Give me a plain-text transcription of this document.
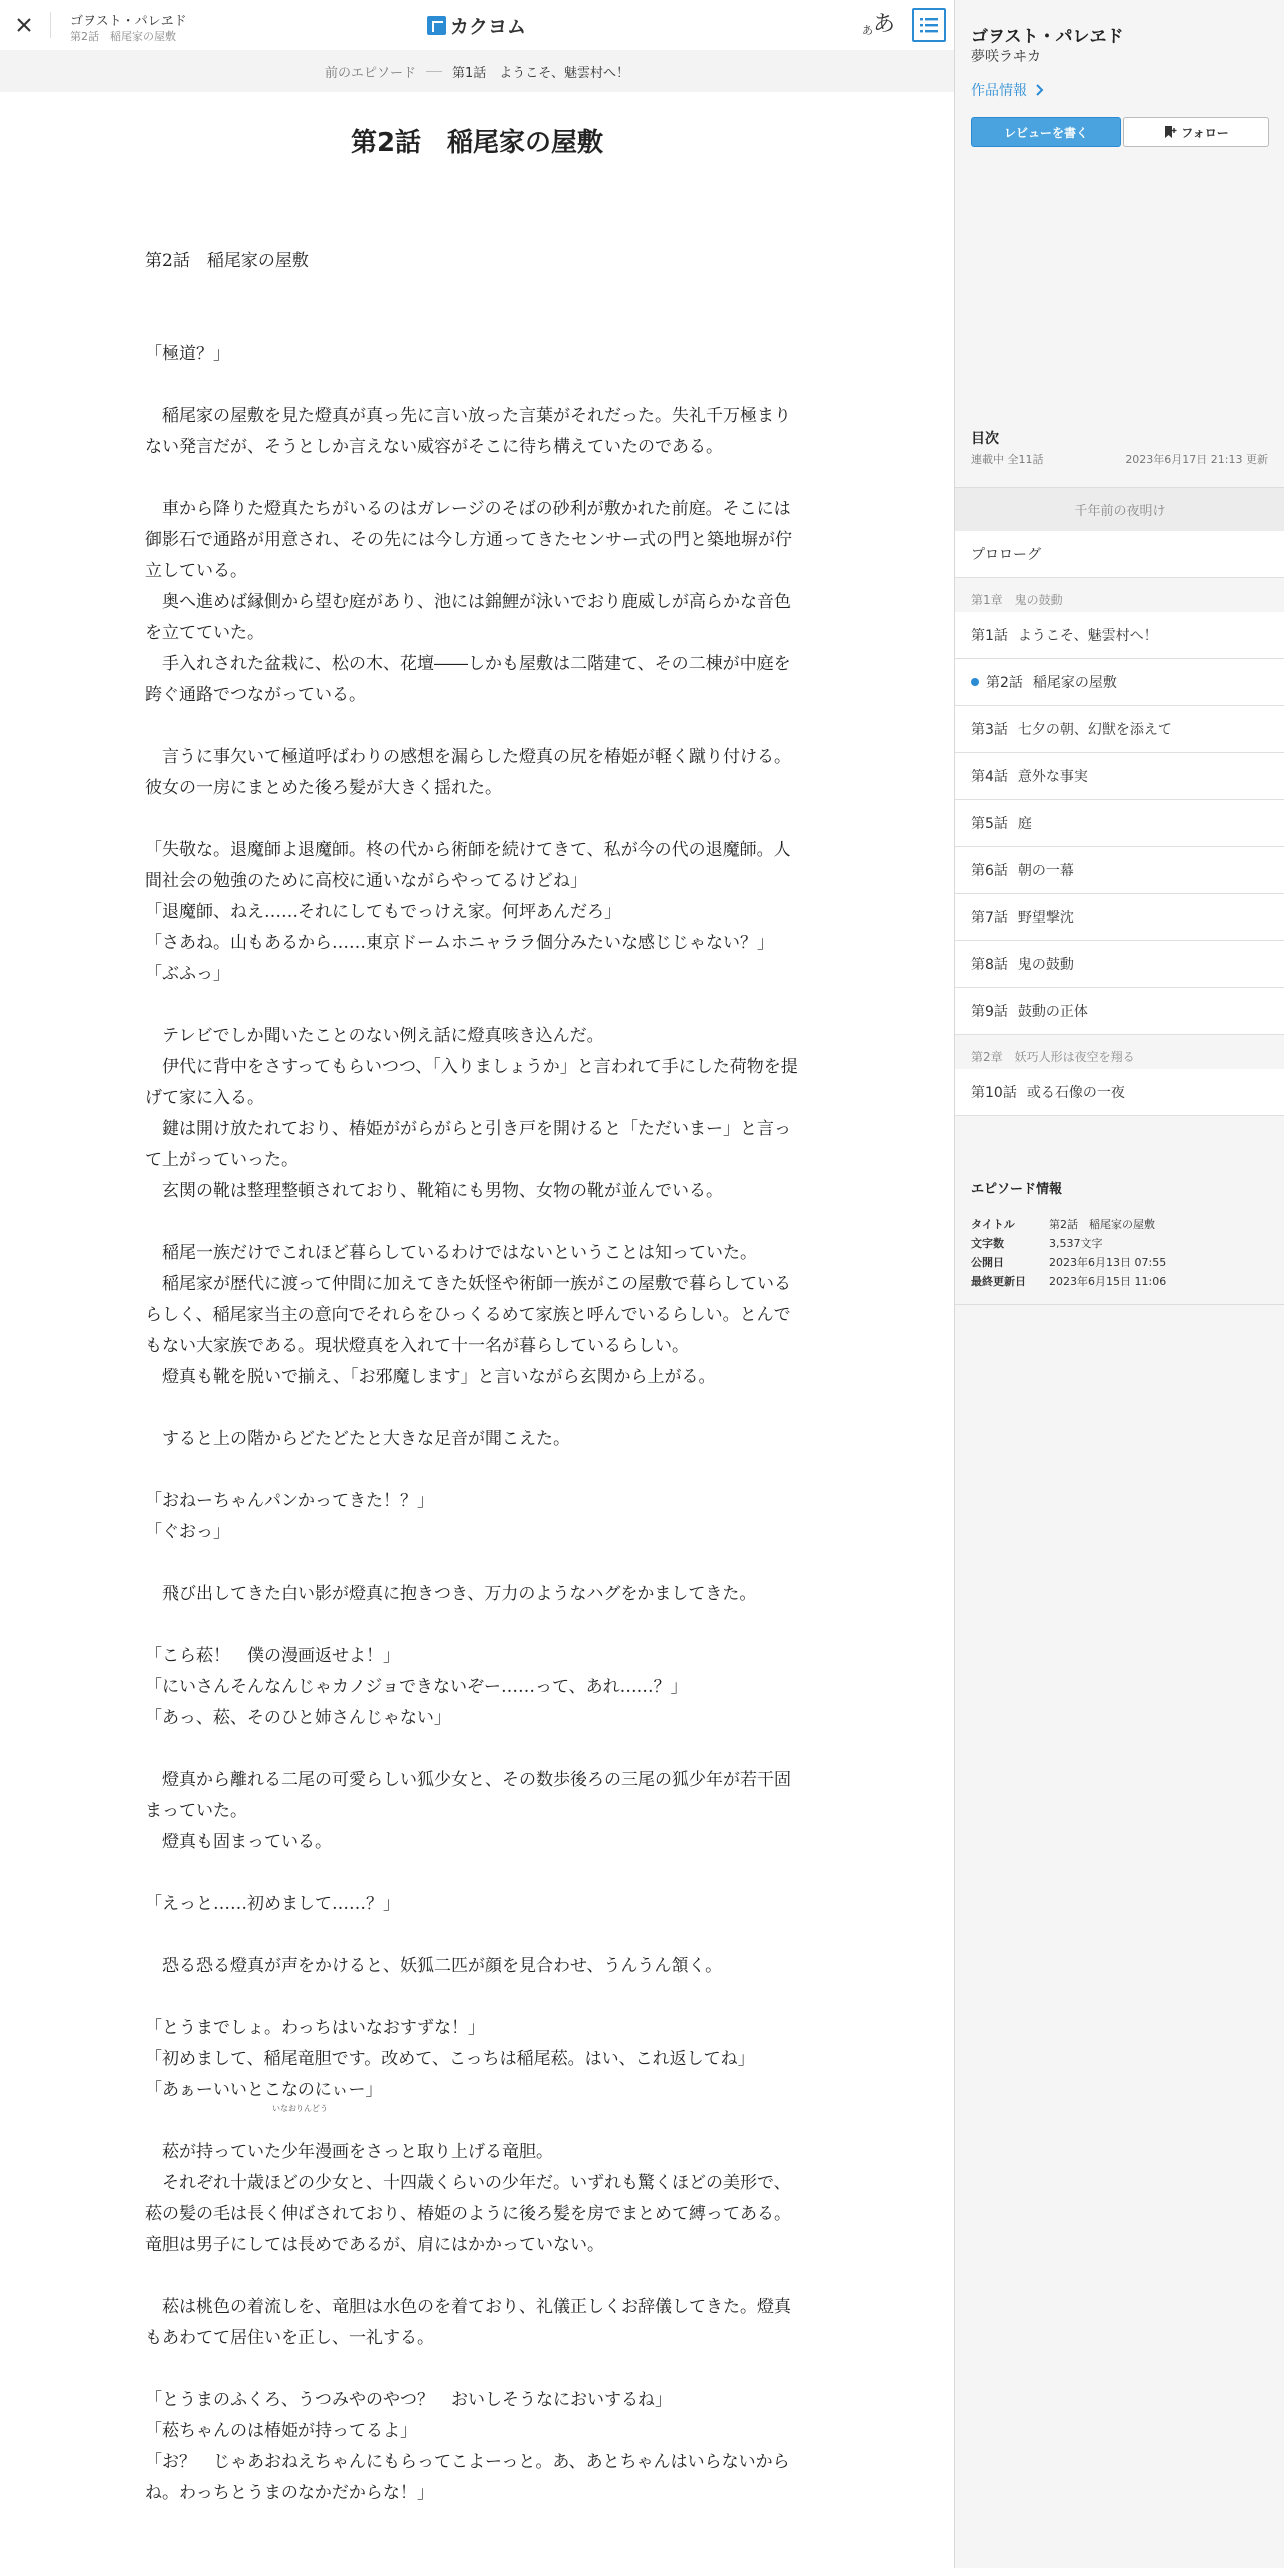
ゴヲスト・パレヱド
第2話　稲尾家の屋敷	カクヨム	あ あ
前のエピソード	第1話　ようこそ、魅雲村へ！
第2話　稲尾家の屋敷
第2話　稲尾家の屋敷

「極道？」

　稲尾家の屋敷を見た燈真が真っ先に言い放った言葉がそれだった。失礼千万極まりない発言だが、そうとしか言えない威容がそこに待ち構えていたのである。

　車から降りた燈真たちがいるのはガレージのそばの砂利が敷かれた前庭。そこには御影石で通路が用意され、その先には今し方通ってきたセンサー式の門と築地塀が佇立している。
　奥へ進めば縁側から望む庭があり、池には錦鯉が泳いでおり鹿威しが高らかな音色を立てていた。
　手入れされた盆栽に、松の木、花壇――しかも屋敷は二階建て、その二棟が中庭を跨ぐ通路でつながっている。

　言うに事欠いて極道呼ばわりの感想を漏らした燈真の尻を椿姫が軽く蹴り付ける。彼女の一房にまとめた後ろ髪が大きく揺れた。

「失敬な。退魔師よ退魔師。柊の代から術師を続けてきて、私が今の代の退魔師。人間社会の勉強のために高校に通いながらやってるけどね」
「退魔師、ねえ……それにしてもでっけえ家。何坪あんだろ」
「さあね。山もあるから……東京ドームホニャララ個分みたいな感じじゃない？」
「ぶふっ」

　テレビでしか聞いたことのない例え話に燈真咳き込んだ。
　伊代に背中をさすってもらいつつ、「入りましょうか」と言われて手にした荷物を提げて家に入る。
　鍵は開け放たれており、椿姫ががらがらと引き戸を開けると「ただいまー」と言って上がっていった。
　玄関の靴は整理整頓されており、靴箱にも男物、女物の靴が並んでいる。

　稲尾一族だけでこれほど暮らしているわけではないということは知っていた。
　稲尾家が歴代に渡って仲間に加えてきた妖怪や術師一族がこの屋敷で暮らしているらしく、稲尾家当主の意向でそれらをひっくるめて家族と呼んでいるらしい。とんでもない大家族である。現状燈真を入れて十一名が暮らしているらしい。
　燈真も靴を脱いで揃え、「お邪魔します」と言いながら玄関から上がる。

　すると上の階からどたどたと大きな足音が聞こえた。

「おねーちゃんパンかってきた！？」
「ぐおっ」

　飛び出してきた白い影が燈真に抱きつき、万力のようなハグをかましてきた。

「こら菘！　僕の漫画返せよ！」
「にいさんそんなんじゃカノジョできないぞー……って、あれ……？」
「あっ、菘、そのひと姉さんじゃない」

　燈真から離れる二尾の可愛らしい狐少女と、その数歩後ろの三尾の狐少年が若干固まっていた。
　燈真も固まっている。

「えっと……初めまして……？」

　恐る恐る燈真が声をかけると、妖狐二匹が顔を見合わせ、うんうん頷く。

「とうまでしょ。わっちはいなおすずな！」
「初めまして、稲尾竜胆です。改めて、こっちは稲尾菘。はい、これ返してね」
「あぁーいいとこなのにぃー」

　菘が持っていた少年漫画をさっと取り上げる竜胆。
　それぞれ十歳ほどの少女と、十四歳くらいの少年だ。いずれも驚くほどの美形で、菘の髪の毛は長く伸ばされており、椿姫のように後ろ髪を房でまとめて縛ってある。竜胆は男子にしては長めであるが、肩にはかかっていない。

　菘は桃色の着流しを、竜胆は水色のを着ており、礼儀正しくお辞儀してきた。燈真もあわてて居住いを正し、一礼する。

「とうまのふくろ、うつみやのやつ？　おいしそうなにおいするね」
「菘ちゃんのは椿姫が持ってるよ」
「お？　じゃあおねえちゃんにもらってこよーっと。あ、あとちゃんはいらないからね。わっちとうまのなかだからな！」
いなおりんどう
ゴヲスト・パレヱド
夢咲ラヰカ
作品情報
レビューを書く	フォロー
目次
連載中 全11話	2023年6月17日 21:13 更新
千年前の夜明け
プロローグ
第1章　鬼の鼓動
第1話 ようこそ、魅雲村へ！
第2話 稲尾家の屋敷
第3話 七夕の朝、幻獣を添えて
第4話 意外な事実
第5話 庭
第6話 朝の一幕
第7話 野望撃沈
第8話 鬼の鼓動
第9話 鼓動の正体
第2章　妖巧人形は夜空を翔る
第10話 或る石像の一夜
エピソード情報
タイトル	第2話　稲尾家の屋敷
文字数	3,537文字
公開日	2023年6月13日 07:55
最終更新日	2023年6月15日 11:06
